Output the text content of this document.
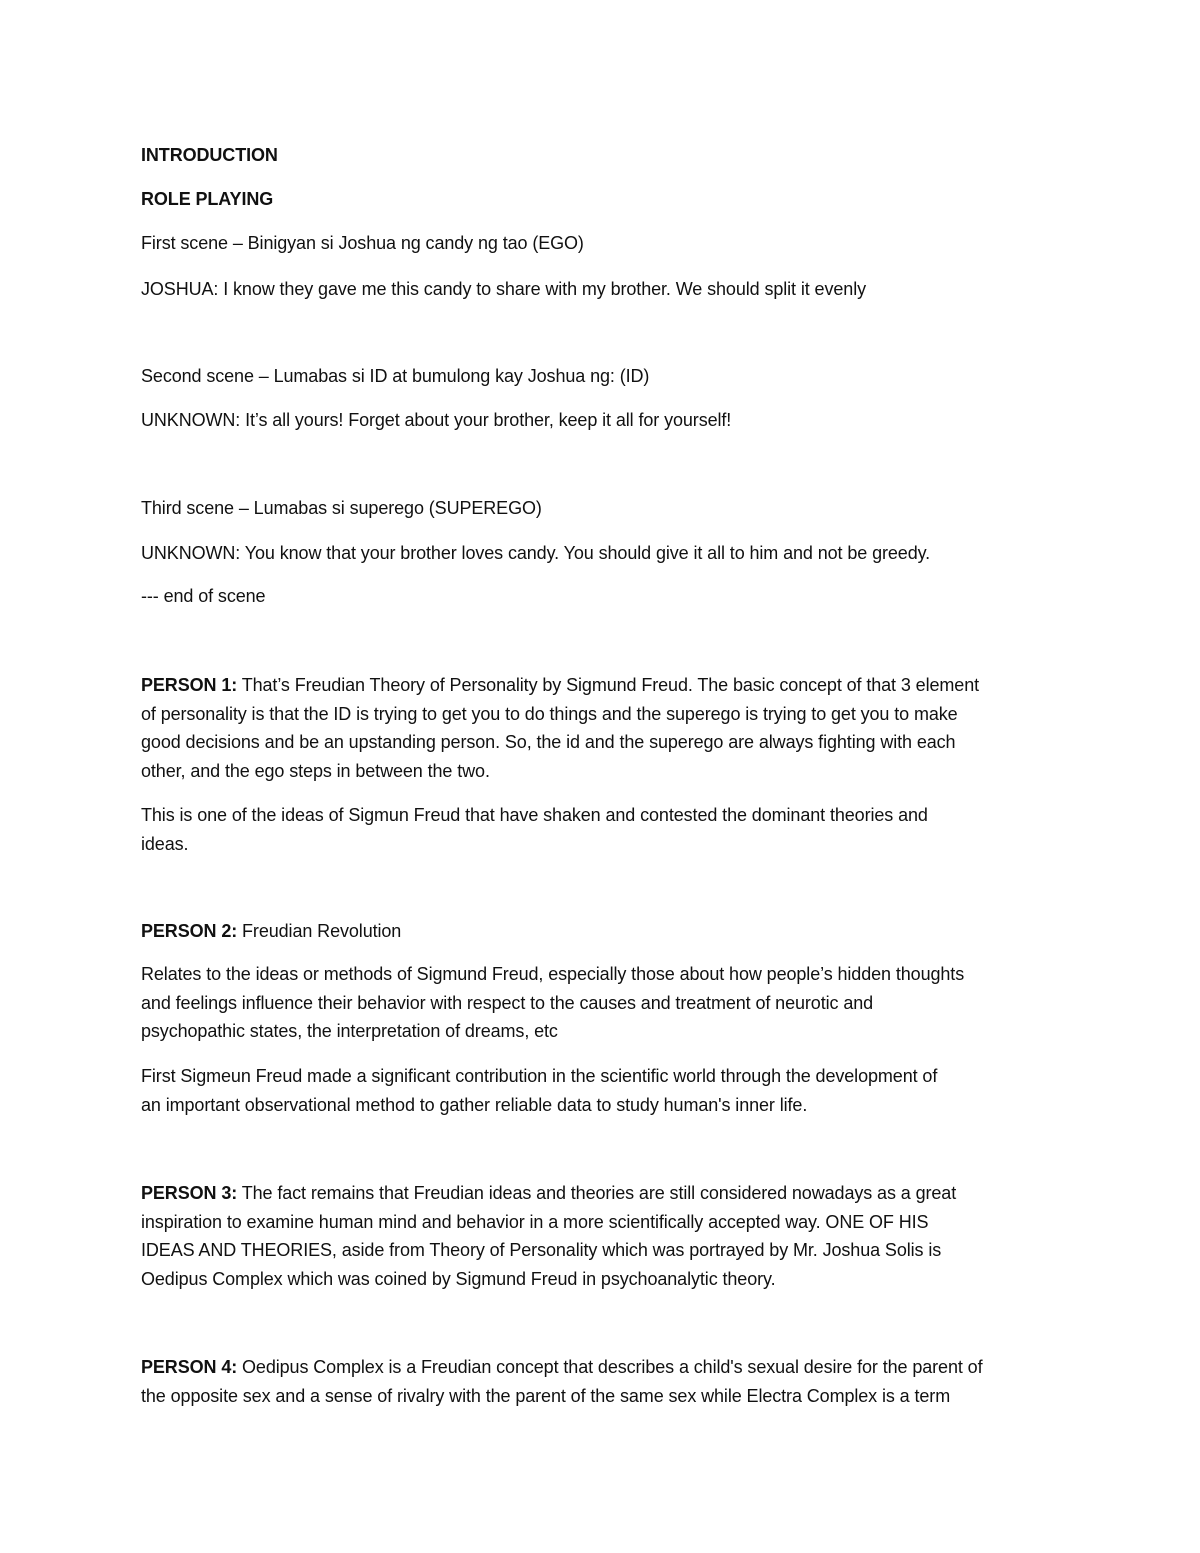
INTRODUCTION
ROLE PLAYING
First scene – Binigyan si Joshua ng candy ng tao (EGO)
JOSHUA: I know they gave me this candy to share with my brother. We should split it evenly
Second scene – Lumabas si ID at bumulong kay Joshua ng: (ID)
UNKNOWN: It’s all yours! Forget about your brother, keep it all for yourself!
Third scene – Lumabas si superego (SUPEREGO)
UNKNOWN: You know that your brother loves candy. You should give it all to him and not be greedy.
--- end of scene
PERSON 1: That’s Freudian Theory of Personality by Sigmund Freud. The basic concept of that 3 element
of personality is that the ID is trying to get you to do things and the superego is trying to get you to make
good decisions and be an upstanding person. So, the id and the superego are always fighting with each
other, and the ego steps in between the two.
This is one of the ideas of Sigmun Freud that have shaken and contested the dominant theories and
ideas.
PERSON 2: Freudian Revolution
Relates to the ideas or methods of Sigmund Freud, especially those about how people’s hidden thoughts
and feelings influence their behavior with respect to the causes and treatment of neurotic and
psychopathic states, the interpretation of dreams, etc
First Sigmeun Freud made a significant contribution in the scientific world through the development of
an important observational method to gather reliable data to study human's inner life.
PERSON 3: The fact remains that Freudian ideas and theories are still considered nowadays as a great
inspiration to examine human mind and behavior in a more scientifically accepted way. ONE OF HIS
IDEAS AND THEORIES, aside from Theory of Personality which was portrayed by Mr. Joshua Solis is
Oedipus Complex which was coined by Sigmund Freud in psychoanalytic theory.
PERSON 4: Oedipus Complex is a Freudian concept that describes a child's sexual desire for the parent of
the opposite sex and a sense of rivalry with the parent of the same sex while Electra Complex is a term
